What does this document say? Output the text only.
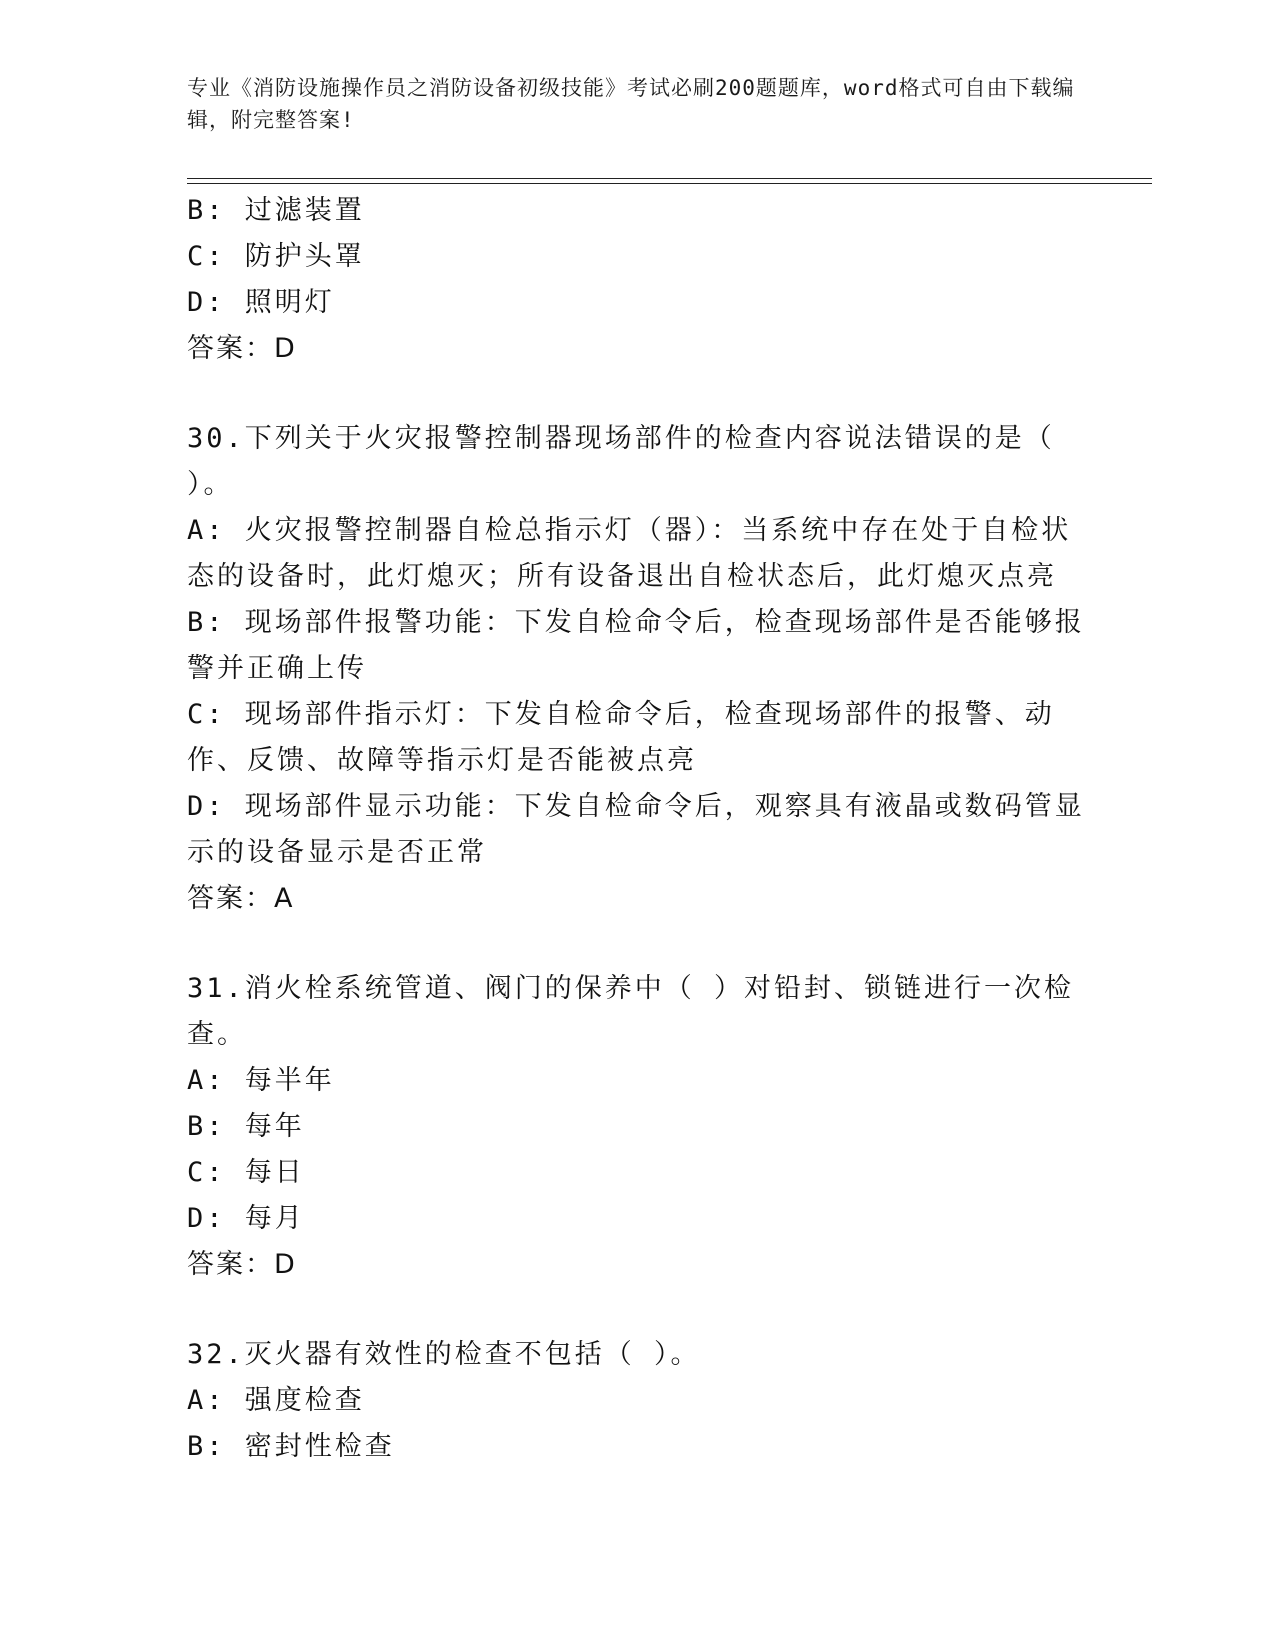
专业《消防设施操作员之消防设备初级技能》考试必刷200题题库，word格式可自由下载编辑，附完整答案!

B: 过滤装置

C: 防护头罩

D: 照明灯

答案：D

30.下列关于火灾报警控制器现场部件的检查内容说法错误的是（ ）。

A: 火灾报警控制器自检总指示灯（器）：当系统中存在处于自检状态的设备时，此灯熄灭；所有设备退出自检状态后，此灯熄灭点亮

B: 现场部件报警功能：下发自检命令后，检查现场部件是否能够报警并正确上传

C: 现场部件指示灯：下发自检命令后，检查现场部件的报警、动作、反馈、故障等指示灯是否能被点亮

D: 现场部件显示功能：下发自检命令后，观察具有液晶或数码管显示的设备显示是否正常

答案：A

31.消火栓系统管道、阀门的保养中（ ）对铅封、锁链进行一次检查。

A: 每半年

B: 每年

C: 每日

D: 每月

答案：D

32.灭火器有效性的检查不包括（ ）。

A: 强度检查

B: 密封性检查
